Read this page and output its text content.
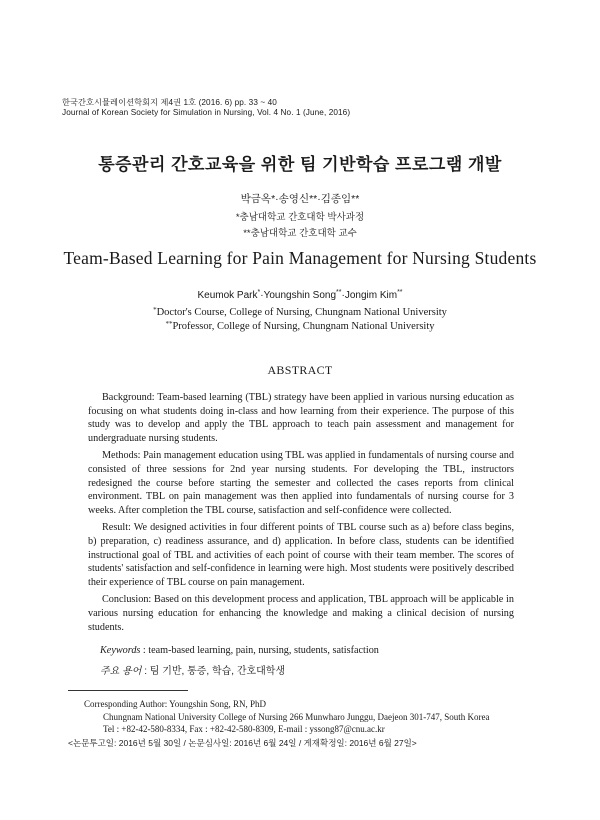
한국간호시뮬레이션학회지 제4권 1호 (2016. 6) pp. 33 ~ 40
Journal of Korean Society for Simulation in Nursing, Vol. 4 No. 1 (June, 2016)
통증관리 간호교육을 위한 팀 기반학습 프로그램 개발
박금옥*·송영신**·김종임**
*충남대학교 간호대학 박사과정
**충남대학교 간호대학 교수
Team-Based Learning for Pain Management for Nursing Students
Keumok Park*·Youngshin Song**·Jongim Kim**
*Doctor's Course, College of Nursing, Chungnam National University
**Professor, College of Nursing, Chungnam National University
ABSTRACT

Background: Team-based learning (TBL) strategy have been applied in various nursing education as focusing on what students doing in-class and how learning from their experience. The purpose of this study was to develop and apply the TBL approach to teach pain assessment and management for undergraduate nursing students.

Methods: Pain management education using TBL was applied in fundamentals of nursing course and consisted of three sessions for 2nd year nursing students. For developing the TBL, instructors redesigned the course before starting the semester and collected the cases reports from clinical environment. TBL on pain management was then applied into fundamentals of nursing course for 3 weeks. After completion the TBL course, satisfaction and self-confidence were collected.

Result: We designed activities in four different points of TBL course such as a) before class begins, b) preparation, c) readiness assurance, and d) application. In before class, students can be identified instructional goal of TBL and activities of each point of course with their team member. The scores of students' satisfaction and self-confidence in learning were high. Most students were positively described their experience of TBL course on pain management.

Conclusion: Based on this development process and application, TBL approach will be applicable in various nursing education for enhancing the knowledge and making a clinical decision of nursing students.

Keywords : team-based learning, pain, nursing, students, satisfaction
주요 용어 : 팀 기반, 통증, 학습, 간호대학생
Corresponding Author: Youngshin Song, RN, PhD
Chungnam National University College of Nursing 266 Munwharo Junggu, Daejeon 301-747, South Korea
Tel : +82-42-580-8334, Fax : +82-42-580-8309, E-mail : yssong87@cnu.ac.kr
<논문투고일: 2016년 5월 30일 / 논문심사일: 2016년 6월 24일 / 게재확정일: 2016년 6월 27일>
